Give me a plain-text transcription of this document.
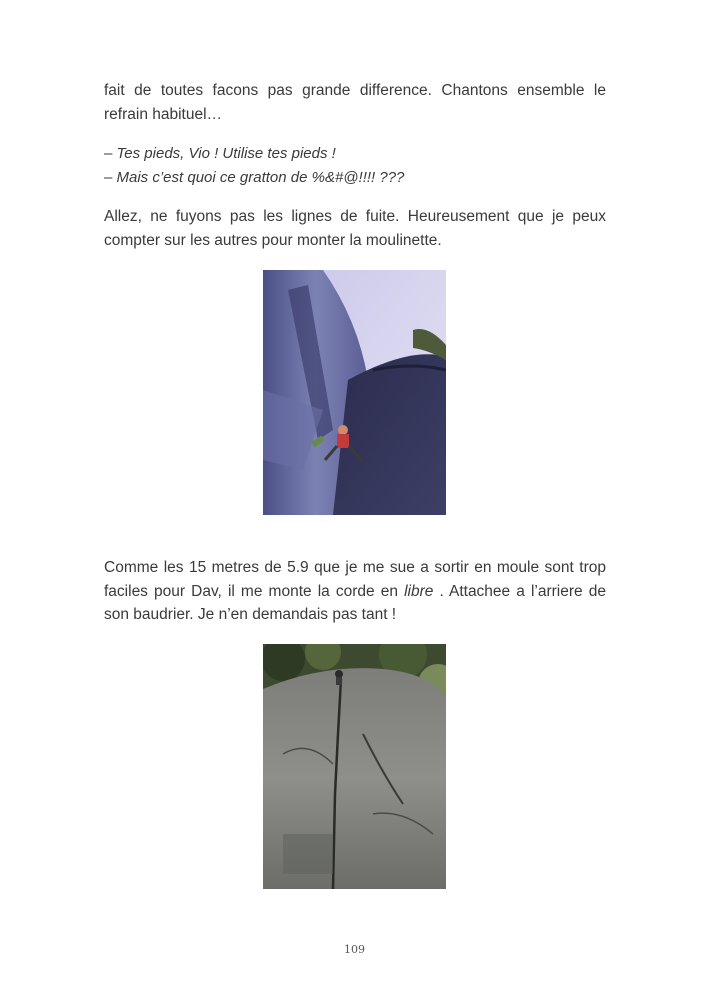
fait de toutes facons pas grande difference. Chantons ensemble le refrain habituel…

– Tes pieds, Vio ! Utilise tes pieds !
– Mais c’est quoi ce gratton de %&#@!!!! ???

Allez, ne fuyons pas les lignes de fuite. Heureusement que je peux compter sur les autres pour monter la moulinette.

Comme les 15 metres de 5.9 que je me sue a sortir en moule sont trop faciles pour Dav, il me monte la corde en libre . Attachee a l’arriere de son baudrier. Je n’en demandais pas tant !

109
